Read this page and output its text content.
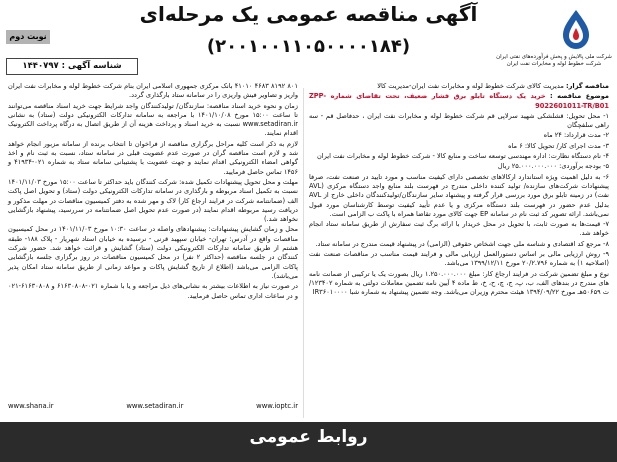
شرکت ملی پالایش و پخش فرآورده‌های نفتی ایران
شرکت خطوط لوله و مخابرات نفت ایران
آگهی مناقصه عمومی یک مرحله‌ای
(۲۰۰۱۰۰۱۱۰۵۰۰۰۰۱۸۴)
نوبت دوم
شناسه آگهی : ۱۴۴۰۷۹۷

مناقصه گزار: مدیریت کالای شرکت خطوط لوله و مخابرات نفت ایران-مدیریت کالا

موضوع مناقصه : خرید یک دستگاه تابلو برق فشار ضعیف، تحت تقاضای شماره ZPP-9022601011-TR/B01

۱- محل تحویل: قشلشکی شهید سرلاپی قم شرکت خطوط لوله و مخابرات نفت ایران ، حدفاصل قم - سه راهی سلفچگان

۲- مدت قرارداد: ۲۴ ماه

۳- مدت اجرای کار/ تحویل کالا: ۶ ماه

۴- نام دستگاه نظارت: اداره مهندسی توسعه ساخت و منابع کالا - شرکت خطوط لوله و مخابرات نفت ایران

۵- بودجه برآوردی: ۲۵.۰۰۰.۰۰۰.۰۰۰ ریال

۶- به دلیل اهمیت ویژه استاندارد ارکالاهای تخصصی دارای کیفیت مناسب و مورد تایید در صنعت نفت، صرفا پیشنهادات شرکت‌های سازنده/ تولید کننده داخلی مندرج در فهرست بلند منابع واجد دستگاه مرکزی (AVL نفت) در زمینه تابلو برق مورد بررسی قرار گرفته و پیشنهاد سایر سازندگان/تولیدکنندگان داخلی خارج از AVL بدلیل عدم حضور در فهرست بلند دستگاه مرکزی و یا عدم تأیید کیفیت توسط کارشناسان مورد قبول نمی‌باشد. ارائه تصویر کد ثبت نام در سامانه EP جهت کالای مورد تقاضا همراه با پاکت ب الزامی است.

۷- قیمت‌ها به صورت ثابت، با تحویل در محل خریدار با ارائه برگ ثبت سفارش از طریق سامانه ستاد انجام خواهد شد.

۸- مرجع کد اقتصادی و شناسه ملی جهت اشخاص حقوقی (الزامی) در پیشنهاد قیمت مندرج در سامانه ستاد.

۹- روش ارزیابی مالی بر اساس دستورالعمل ارزیابی مالی و فرایند قیمت مناسب در مناقصات صنعت نفت (اصلاحیه ۱) به شماره ۲۰/۲.۷۹۶ مورخ ۱۳۹۹/۱۲/۱۱ می‌باشد.

نوع و مبلغ تضمین شرکت در فرایند ارجاع کار: مبلغ ۱.۲۵۰.۰۰۰.۰۰۰ ریال بصورت یک یا ترکیبی از ضمانت نامه های مندرج در بند‌های الف، ب، پ، ج، چ، ح، خ، ط ماده ۴ آیین نامه تضمین معاملات دولتی به شماره ۱۲۳۴۰۲/ت ۵۰۶۵۹هـ مورخ ۱۳۹۴/۰۹/۲۲ هیئت محترم وزیران می‌باشد. وجه تضمین پیشنهاد به شماره شبا IR۳۶۰۱۰۰۰۰

۸۰۱ ۸۱۹۲ ۴۶۸۳ ۴۱۰۱۰ بانک مرکزی جمهوری اسلامی ایران بنام شرکت خطوط لوله و مخابرات نفت ایران واریز و تصاویر فیش واریزی را در سامانه ستاد بارگذاری گردد.

زمان و نحوه خرید اسناد مناقصه: سازندگان/ تولیدکنندگان واجد شرایط جهت خرید اسناد مناقصه می‌توانند تا ساعت ۱۵:۰۰ مورخ ۱۴۰۱/۱۰/۰۸ با مراجعه به سامانه تدارکات الکترونیکی دولت (ستاد) به نشانی www.setadiran.ir نسبت به خرید اسناد و پرداخت هزینه آن از طریق اتصال به درگاه پرداخت الکترونیک اقدام نمایند.

لازم به ذکر است کلیه مراحل برگزاری مناقصه از فراخوان تا انتخاب برنده از سامانه مزبور انجام خواهد شد و لازم است مناقصه گران در صورت عدم عضویت قبلی در سامانه ستاد، نسبت به ثبت نام و اخذ گواهی امضاء الکترونیکی اقدام نمایند و جهت عضویت با پشتیبانی سامانه ستاد به شماره ۰۲۱-۴۱۹۳۴ و ۱۴۵۶ تماس حاصل فرمایید.

مهلت و محل تحویل پیشنهادات تکمیل شده: شرکت کنندگان باید حداکثر تا ساعت ۱۵:۰۰ مورخ ۱۴۰۱/۱۱/۰۳ نسبت به تکمیل اسناد مربوطه و بارگذاری در سامانه تدارکات الکترونیکی دولت (ستاد) و تحویل اصل پاکت الف (ضمانتنامه شرکت در فرایند ارجاع کار) لاک و مهر شده به دفتر کمیسیون مناقصات در مهلت مذکور و دریافت رسید مربوطه اقدام نمایند (در صورت عدم تحویل اصل ضمانتنامه در سررسید، پیشنهاد بازگشایی نخواهد شد.)

محل و زمان گشایش پیشنهادات: پیشنهادهای واصله در ساعت ۱۰:۳۰ مورخ ۱۴۰۱/۱۱/۰۳ در محل کمیسیون مناقصات واقع در آدرس: تهران- خیابان سپهبد قرنی - نرسیده به خیابان استاد شهریار - پلاک ۱۸۸- طبقه هشتم از طریق سامانه تدارکات الکترونیکی دولت (ستاد) گشایش و قرائت خواهد شد. حضور شرکت کنندگان در جلسه مناقصه (حداکثر ۲ نفر) در محل کمیسیون مناقصات در روز برگزاری جلسه بازگشایی پاکات الزامی می‌باشد (اطلاع از تاریخ گشایش پاکات و مواعد زمانی از طریق سامانه ستاد امکان پذیر می‌باشد).

در صورت نیاز به اطلاعات بیشتر به نشانی‌های ذیل مراجعه و یا با شماره ۰۲۱-۶۱۶۳۰۸۰۸ و ۶۱۶۳۰۸۰۸-۰۲۱ و در ساعات اداری تماس حاصل فرمایید.

www.shana.ir	www.setadiran.ir	www.ioptc.ir
روابط عمومی
